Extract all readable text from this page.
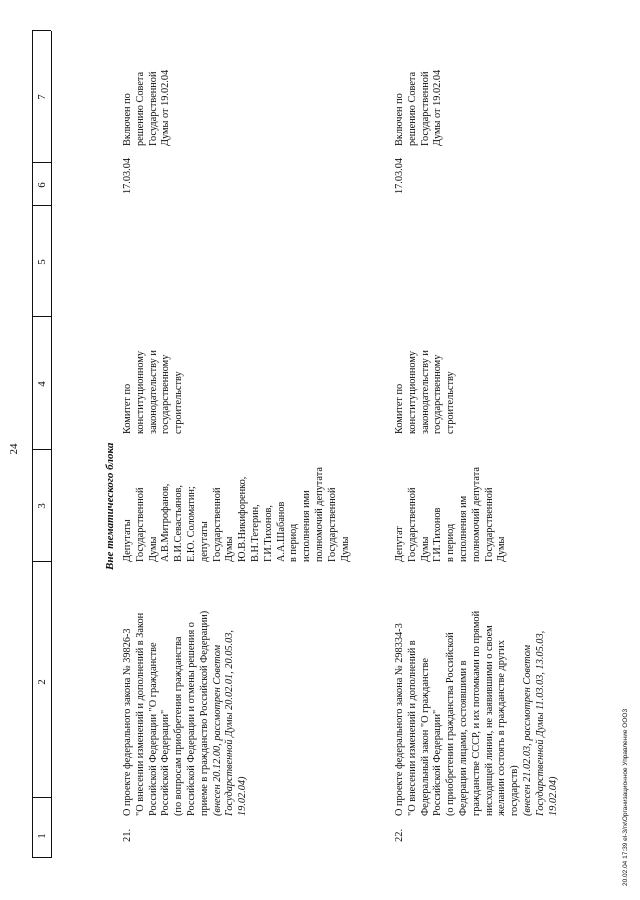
24
1
2
3
4
5
6
7
Вне тематического блока
21.
О проекте федерального закона № 39826-3 "О внесении изменений и дополнений в Закон Российской Федерации "О гражданстве Российской Федерации" (по вопросам приобретения гражданства Российской Федерации и отмены решения о приеме в гражданство Российской Федерации) (внесен 20.12.00, рассмотрен Советом Государственной Думы 20.02.01, 20.05.03, 19.02.04)
Депутаты Государственной Думы А.В.Митрофанов, В.И.Севастьянов, Е.Ю. Соломатин; депутаты Государственной Думы Ю.В.Никифоренко, В.Н.Тетерин, Г.И.Тихонов, А.А.Шабанов в период исполнения ими полномочий депутата Государственной Думы
Комитет по конституционному законодательству и государственному строительству
17.03.04
Включен по решению Совета Государственной Думы от 19.02.04
22.
О проекте федерального закона № 298334-3 "О внесении изменений и дополнений в Федеральный закон "О гражданстве Российской Федерации" (о приобретении гражданства Российской Федерации лицами, состоявшими в гражданстве СССР, и их потомками по прямой нисходящей линии, не заявившими о своем желании состоять в гражданстве других государств) (внесен 21.02.03, рассмотрен Советом Государственной Думы 11.03.03, 13.05.03, 19.02.04)
Депутат Государственной Думы Г.И.Тихонов в период исполнения им полномочий депутата Государственной Думы
Комитет по конституционному законодательству и государственному строительству
17.03.04
Включен по решению Совета Государственной Думы от 19.02.04
20.02.04 17:39 el-3/гк\Организационное Управление OOO3
